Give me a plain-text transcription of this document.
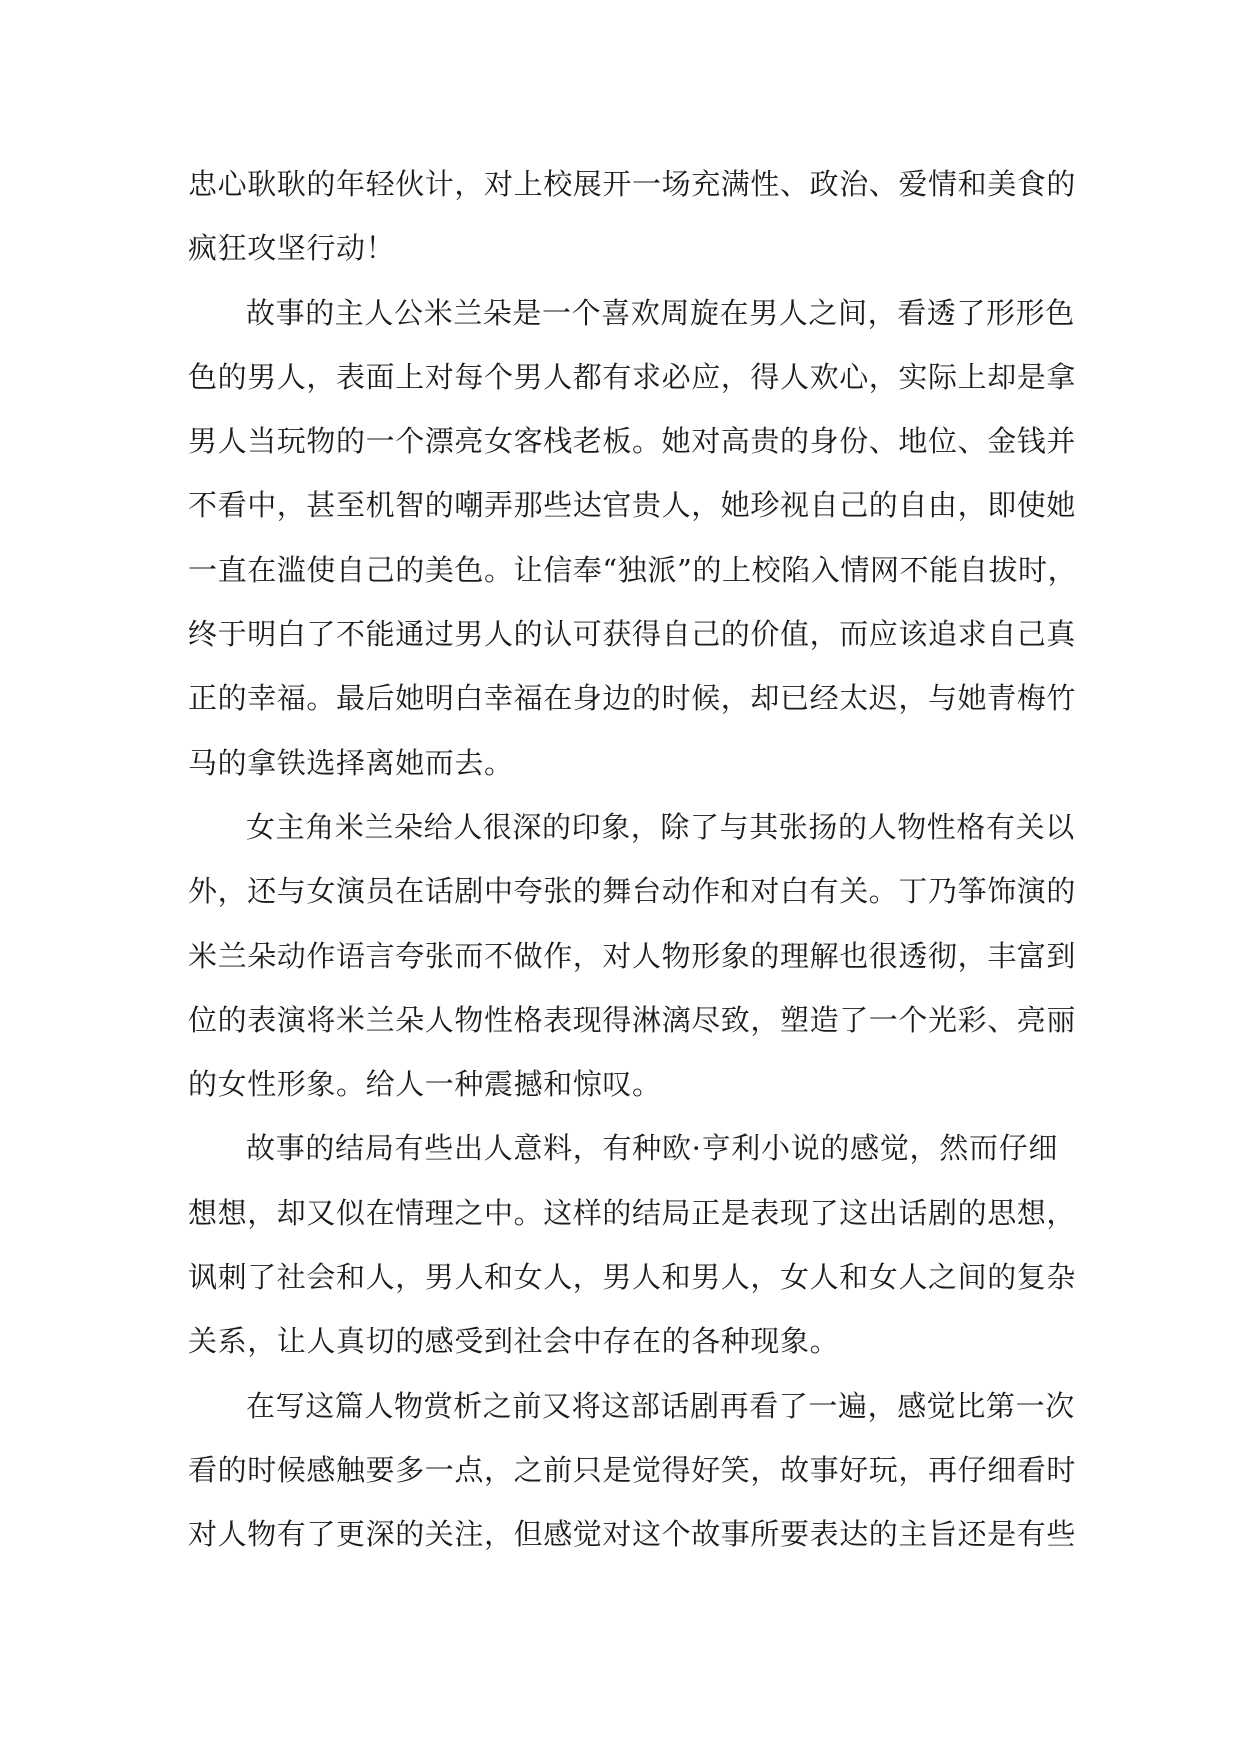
忠心耿耿的年轻伙计，对上校展开一场充满性、政治、爱情和美食的
疯狂攻坚行动！
故事的主人公米兰朵是一个喜欢周旋在男人之间，看透了形形色
色的男人，表面上对每个男人都有求必应，得人欢心，实际上却是拿
男人当玩物的一个漂亮女客栈老板。她对高贵的身份、地位、金钱并
不看中，甚至机智的嘲弄那些达官贵人，她珍视自己的自由，即使她
一直在滥使自己的美色。让信奉“独派”的上校陷入情网不能自拔时，
终于明白了不能通过男人的认可获得自己的价值，而应该追求自己真
正的幸福。最后她明白幸福在身边的时候，却已经太迟，与她青梅竹
马的拿铁选择离她而去。
女主角米兰朵给人很深的印象，除了与其张扬的人物性格有关以
外，还与女演员在话剧中夸张的舞台动作和对白有关。丁乃筝饰演的
米兰朵动作语言夸张而不做作，对人物形象的理解也很透彻，丰富到
位的表演将米兰朵人物性格表现得淋漓尽致，塑造了一个光彩、亮丽
的女性形象。给人一种震撼和惊叹。
故事的结局有些出人意料，有种欧·亨利小说的感觉，然而仔细
想想，却又似在情理之中。这样的结局正是表现了这出话剧的思想，
讽刺了社会和人，男人和女人，男人和男人，女人和女人之间的复杂
关系，让人真切的感受到社会中存在的各种现象。
在写这篇人物赏析之前又将这部话剧再看了一遍，感觉比第一次
看的时候感触要多一点，之前只是觉得好笑，故事好玩，再仔细看时
对人物有了更深的关注，但感觉对这个故事所要表达的主旨还是有些
